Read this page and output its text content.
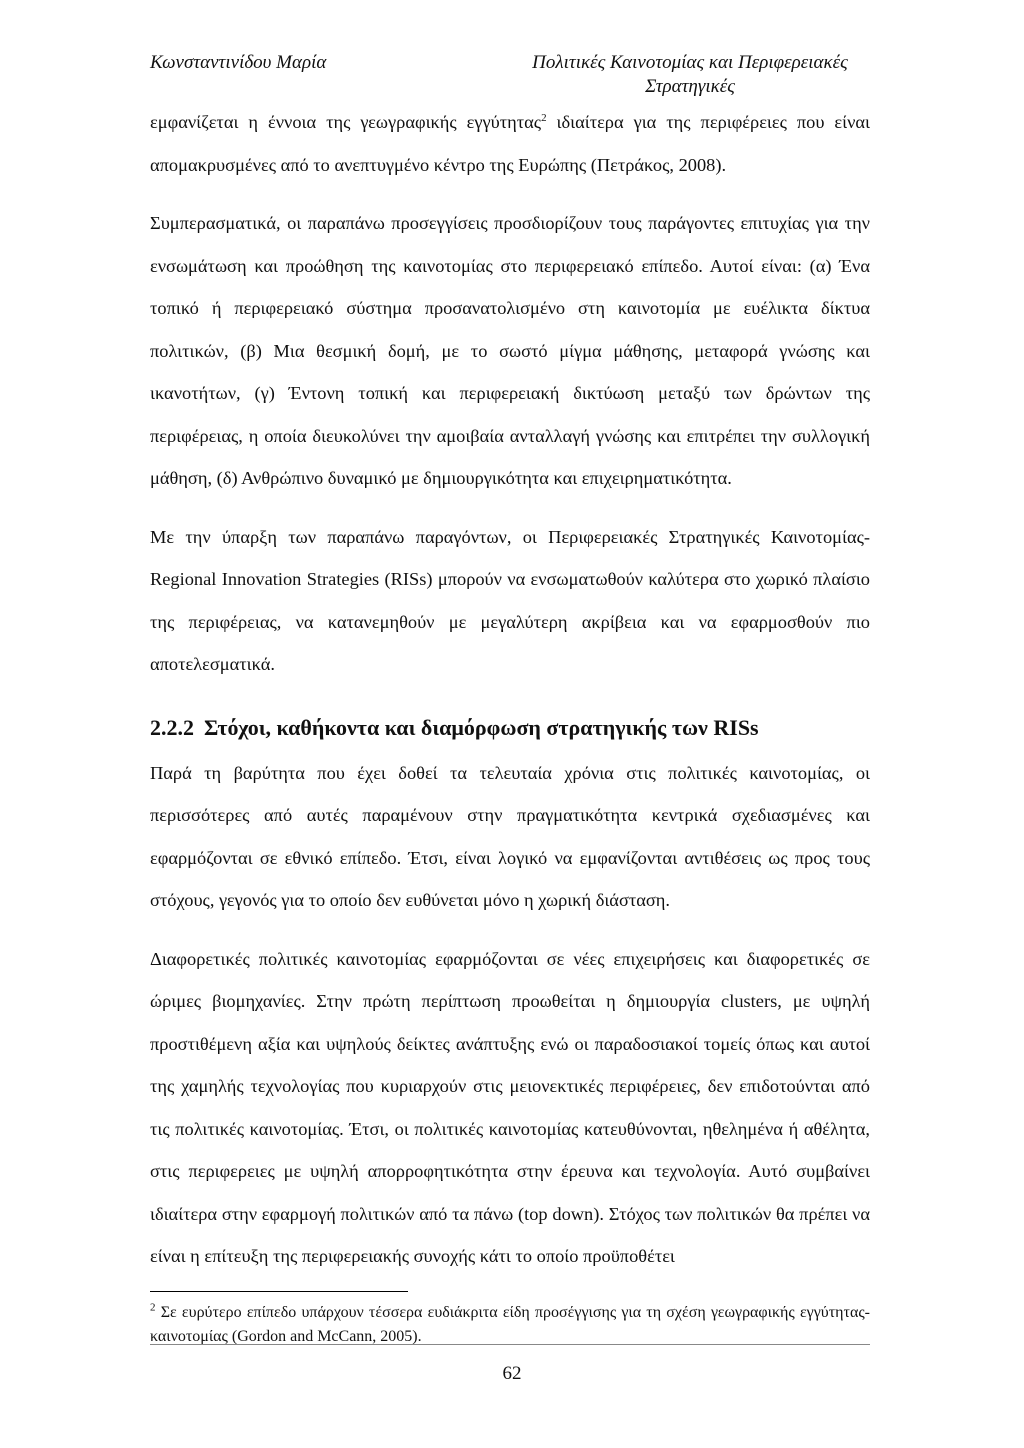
Κωνσταντινίδου Μαρία	Πολιτικές Καινοτομίας και Περιφερειακές
Στρατηγικές

εμφανίζεται η έννοια της γεωγραφικής εγγύτητας$^2$ ιδιαίτερα για της περιφέρειες που είναι απομακρυσμένες από το ανεπτυγμένο κέντρο της Ευρώπης (Πετράκος, 2008).

Συμπερασματικά, οι παραπάνω προσεγγίσεις προσδιορίζουν τους παράγοντες επιτυχίας για την ενσωμάτωση και προώθηση της καινοτομίας στο περιφερειακό επίπεδο. Αυτοί είναι: (α) Ένα τοπικό ή περιφερειακό σύστημα προσανατολισμένο στη καινοτομία με ευέλικτα δίκτυα πολιτικών, (β) Μια θεσμική δομή, με το σωστό μίγμα μάθησης, μεταφορά γνώσης και ικανοτήτων, (γ) Έντονη τοπική και περιφερειακή δικτύωση μεταξύ των δρώντων της περιφέρειας, η οποία διευκολύνει την αμοιβαία ανταλλαγή γνώσης και επιτρέπει την συλλογική μάθηση, (δ) Ανθρώπινο δυναμικό με δημιουργικότητα και επιχειρηματικότητα.

Με την ύπαρξη των παραπάνω παραγόντων, οι Περιφερειακές Στρατηγικές Καινοτομίας-Regional Innovation Strategies (RISs) μπορούν να ενσωματωθούν καλύτερα στο χωρικό πλαίσιο της περιφέρειας, να κατανεμηθούν με μεγαλύτερη ακρίβεια και να εφαρμοσθούν πιο αποτελεσματικά.

2.2.2 Στόχοι, καθήκοντα και διαμόρφωση στρατηγικής των RISs

Παρά τη βαρύτητα που έχει δοθεί τα τελευταία χρόνια στις πολιτικές καινοτομίας, οι περισσότερες από αυτές παραμένουν στην πραγματικότητα κεντρικά σχεδιασμένες και εφαρμόζονται σε εθνικό επίπεδο. Έτσι, είναι λογικό να εμφανίζονται αντιθέσεις ως προς τους στόχους, γεγονός για το οποίο δεν ευθύνεται μόνο η χωρική διάσταση.

Διαφορετικές πολιτικές καινοτομίας εφαρμόζονται σε νέες επιχειρήσεις και διαφορετικές σε ώριμες βιομηχανίες. Στην πρώτη περίπτωση προωθείται η δημιουργία clusters, με υψηλή προστιθέμενη αξία και υψηλούς δείκτες ανάπτυξης ενώ οι παραδοσιακοί τομείς όπως και αυτοί της χαμηλής τεχνολογίας που κυριαρχούν στις μειονεκτικές περιφέρειες, δεν επιδοτούνται από τις πολιτικές καινοτομίας. Έτσι, οι πολιτικές καινοτομίας κατευθύνονται, ηθελημένα ή αθέλητα, στις περιφερειες με υψηλή απορροφητικότητα στην έρευνα και τεχνολογία. Αυτό συμβαίνει ιδιαίτερα στην εφαρμογή πολιτικών από τα πάνω (top down). Στόχος των πολιτικών θα πρέπει να είναι η επίτευξη της περιφερειακής συνοχής κάτι το οποίο προϋποθέτει

$^2$ Σε ευρύτερο επίπεδο υπάρχουν τέσσερα ευδιάκριτα είδη προσέγγισης για τη σχέση γεωγραφικής εγγύτητας-καινοτομίας (Gordon and McCann, 2005).
62
